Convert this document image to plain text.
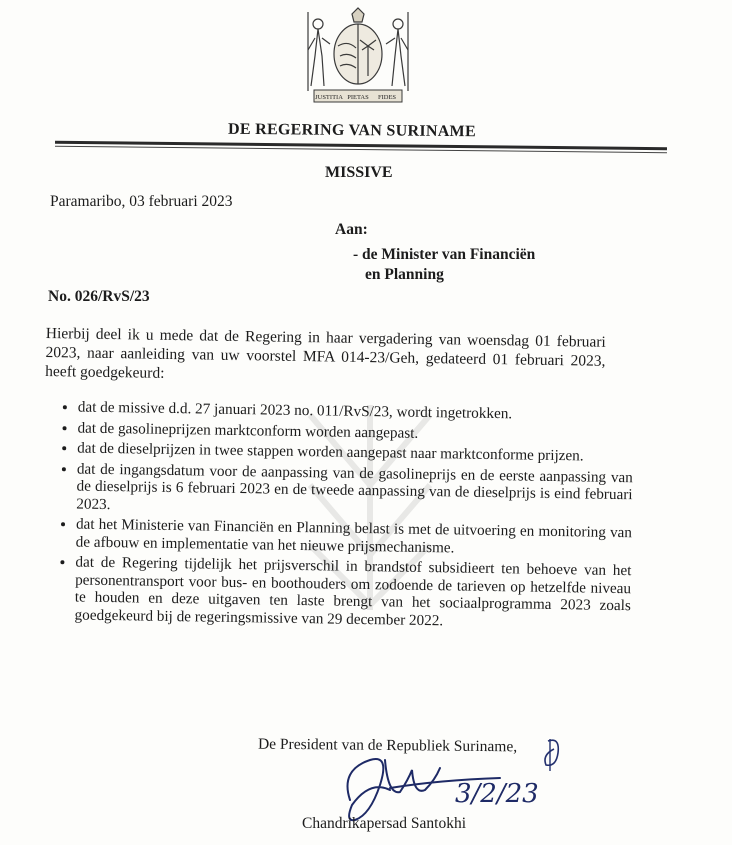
JUSTITIA PIETAS FIDES
DE REGERING VAN SURINAME
MISSIVE
Paramaribo, 03 februari 2023
Aan:
- de Minister van Financiën
en Planning
No. 026/RvS/23
Hierbij deel ik u mede dat de Regering in haar vergadering van woensdag 01 februari 2023, naar aanleiding van uw voorstel MFA 014-23/Geh, gedateerd 01 februari 2023, heeft goedgekeurd:
• dat de missive d.d. 27 januari 2023 no. 011/RvS/23, wordt ingetrokken.
• dat de gasolineprijzen marktconform worden aangepast.
• dat de dieselprijzen in twee stappen worden aangepast naar marktconforme prijzen.
• dat de ingangsdatum voor de aanpassing van de gasolineprijs en de eerste aanpassing van de dieselprijs is 6 februari 2023 en de tweede aanpassing van de dieselprijs is eind februari 2023.
• dat het Ministerie van Financiën en Planning belast is met de uitvoering en monitoring van de afbouw en implementatie van het nieuwe prijsmechanisme.
• dat de Regering tijdelijk het prijsverschil in brandstof subsidieert ten behoeve van het personentransport voor bus- en boothouders om zodoende de tarieven op hetzelfde niveau te houden en deze uitgaven ten laste brengt van het sociaalprogramma 2023 zoals goedgekeurd bij de regeringsmissive van 29 december 2022.
De President van de Republiek Suriname,
3/2/23
Chandrikapersad Santokhi
